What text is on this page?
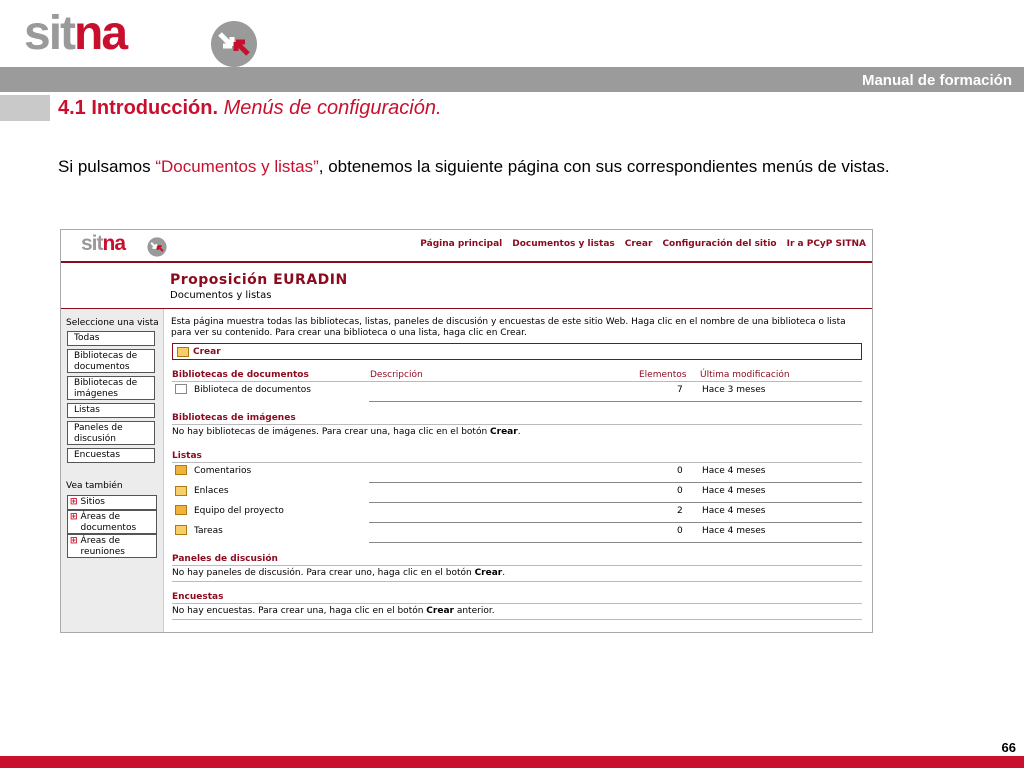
sitna
Manual de formación
4.1 Introducción. Menús de configuración.
Si pulsamos “Documentos y listas”, obtenemos la siguiente página con sus correspondientes menús de vistas.
sitna	Página principal Documentos y listas Crear Configuración del sitio Ir a PCyP SITNA
Proposición EURADIN
Documentos y listas
Seleccione una vista
Todas
Bibliotecas de documentos
Bibliotecas de imágenes
Listas
Paneles de discusión
Encuestas
Vea también
⊞ Sitios
⊞ Áreas de documentos
⊞ Áreas de reuniones
Esta página muestra todas las bibliotecas, listas, paneles de discusión y encuestas de este sitio Web. Haga clic en el nombre de una biblioteca o lista para ver su contenido. Para crear una biblioteca o una lista, haga clic en Crear.
Crear
Bibliotecas de documentos	Descripción	Elementos Última modificación
Biblioteca de documentos	7 Hace 3 meses
Bibliotecas de imágenes
No hay bibliotecas de imágenes. Para crear una, haga clic en el botón Crear.
Listas
Comentarios	0 Hace 4 meses
Enlaces	0 Hace 4 meses
Equipo del proyecto	2 Hace 4 meses
Tareas	0 Hace 4 meses
Paneles de discusión
No hay paneles de discusión. Para crear uno, haga clic en el botón Crear.
Encuestas
No hay encuestas. Para crear una, haga clic en el botón Crear anterior.
66
